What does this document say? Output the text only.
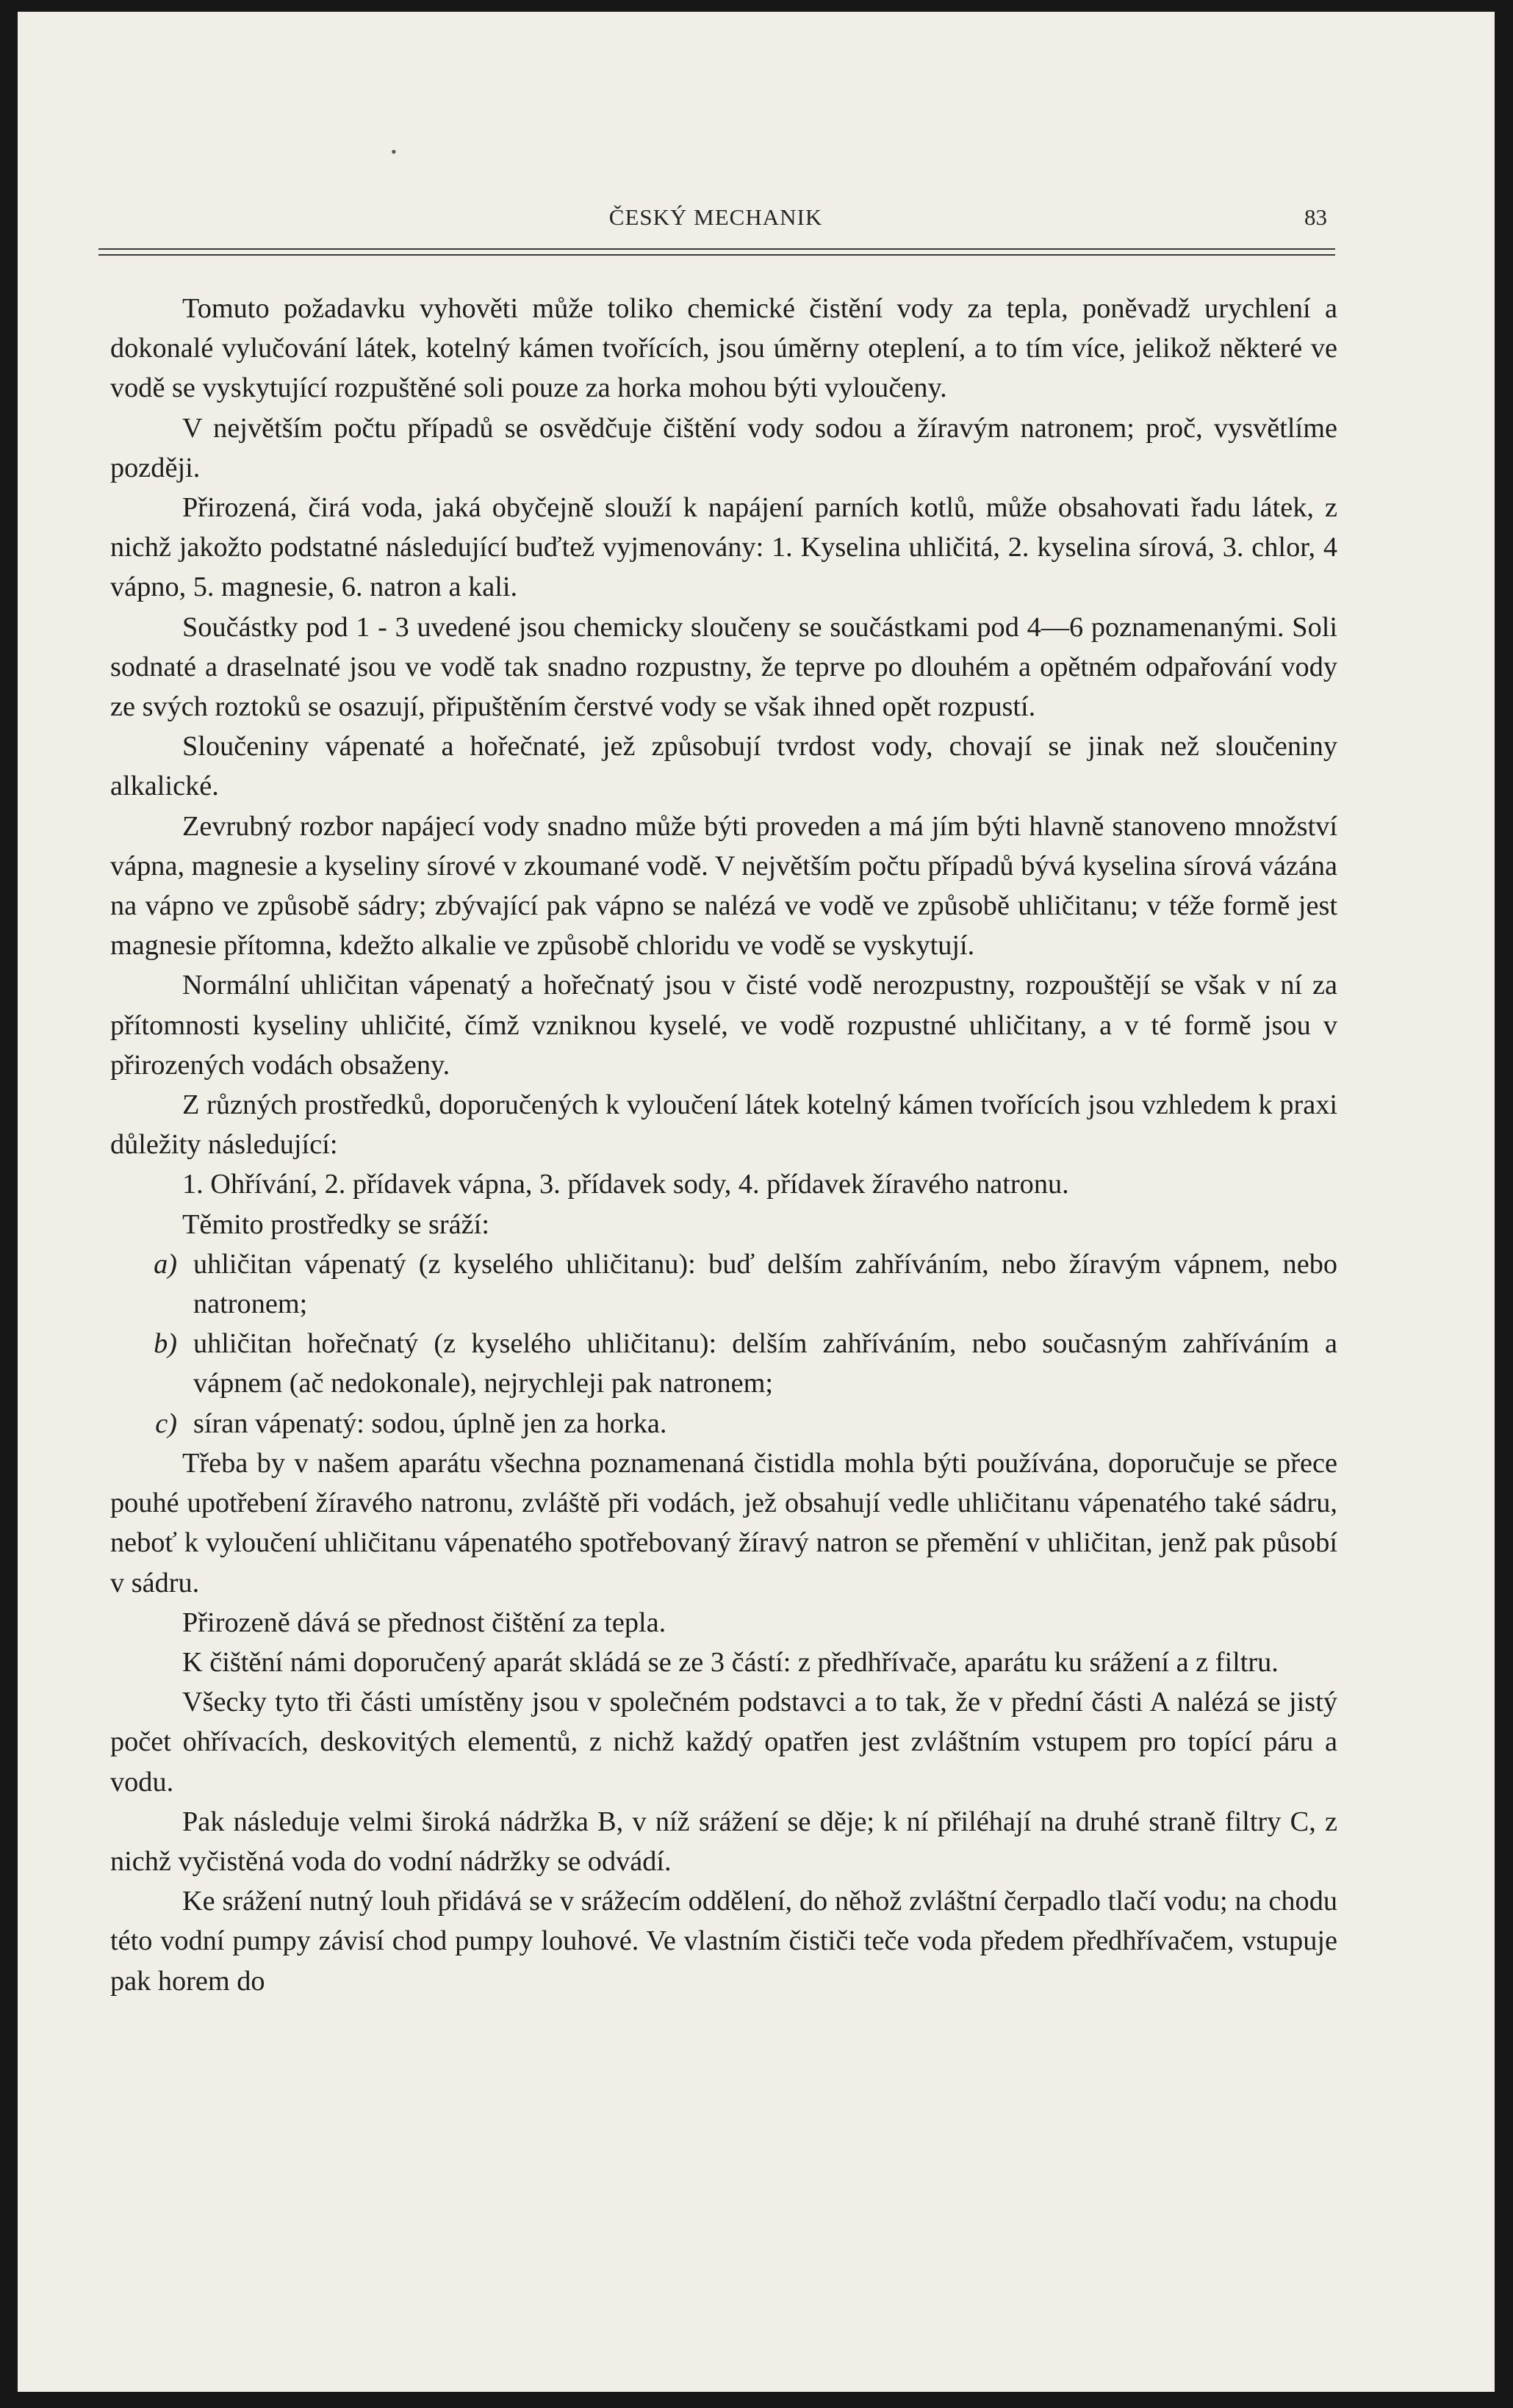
ČESKÝ MECHANIK	83
•

Tomuto požadavku vyhověti může toliko chemické čistění vody za tepla, poněvadž urychlení a dokonalé vylučování látek, kotelný kámen tvořících, jsou úměrny oteplení, a to tím více, jelikož některé ve vodě se vyskytující rozpuštěné soli pouze za horka mohou býti vyloučeny.

V největším počtu případů se osvědčuje čištění vody sodou a žíravým natronem; proč, vysvětlíme později.

Přirozená, čirá voda, jaká obyčejně slouží k napájení parních kotlů, může obsahovati řadu látek, z nichž jakožto podstatné následující buďtež vyjmenovány: 1. Kyselina uhličitá, 2. kyselina sírová, 3. chlor, 4 vápno, 5. magnesie, 6. natron a kali.

Součástky pod 1 - 3 uvedené jsou chemicky sloučeny se součástkami pod 4—6 poznamenanými. Soli sodnaté a draselnaté jsou ve vodě tak snadno rozpustny, že teprve po dlouhém a opětném odpařování vody ze svých roztoků se osazují, připuštěním čerstvé vody se však ihned opět rozpustí.

Sloučeniny vápenaté a hořečnaté, jež způsobují tvrdost vody, chovají se jinak než sloučeniny alkalické.

Zevrubný rozbor napájecí vody snadno může býti proveden a má jím býti hlavně stanoveno množství vápna, magnesie a kyseliny sírové v zkoumané vodě. V největším počtu případů bývá kyselina sírová vázána na vápno ve způsobě sádry; zbývající pak vápno se nalézá ve vodě ve způsobě uhličitanu; v téže formě jest magnesie přítomna, kdežto alkalie ve způsobě chloridu ve vodě se vyskytují.

Normální uhličitan vápenatý a hořečnatý jsou v čisté vodě nerozpustny, rozpouštějí se však v ní za přítomnosti kyseliny uhličité, čímž vzniknou kyselé, ve vodě rozpustné uhličitany, a v té formě jsou v přirozených vodách obsaženy.

Z různých prostředků, doporučených k vyloučení látek kotelný kámen tvořících jsou vzhledem k praxi důležity následující:

1. Ohřívání, 2. přídavek vápna, 3. přídavek sody, 4. přídavek žíravého natronu.

Těmito prostředky se sráží:

a) uhličitan vápenatý (z kyselého uhličitanu): buď delším zahříváním, nebo žíravým vápnem, nebo natronem;
b) uhličitan hořečnatý (z kyselého uhličitanu): delším zahříváním, nebo současným zahříváním a vápnem (ač nedokonale), nejrychleji pak natronem;
c) síran vápenatý: sodou, úplně jen za horka.

Třeba by v našem aparátu všechna poznamenaná čistidla mohla býti používána, doporučuje se přece pouhé upotřebení žíravého natronu, zvláště při vodách, jež obsahují vedle uhličitanu vápenatého také sádru, neboť k vyloučení uhličitanu vápenatého spotřebovaný žíravý natron se přemění v uhličitan, jenž pak působí v sádru.

Přirozeně dává se přednost čištění za tepla.

K čištění námi doporučený aparát skládá se ze 3 částí: z předhřívače, aparátu ku srážení a z filtru.

Všecky tyto tři části umístěny jsou v společném podstavci a to tak, že v přední části A nalézá se jistý počet ohřívacích, deskovitých elementů, z nichž každý opatřen jest zvláštním vstupem pro topící páru a vodu.

Pak následuje velmi široká nádržka B, v níž srážení se děje; k ní přiléhají na druhé straně filtry C, z nichž vyčistěná voda do vodní nádržky se odvádí.

Ke srážení nutný louh přidává se v srážecím oddělení, do něhož zvláštní čerpadlo tlačí vodu; na chodu této vodní pumpy závisí chod pumpy louhové. Ve vlastním čističi teče voda předem předhřívačem, vstupuje pak horem do
